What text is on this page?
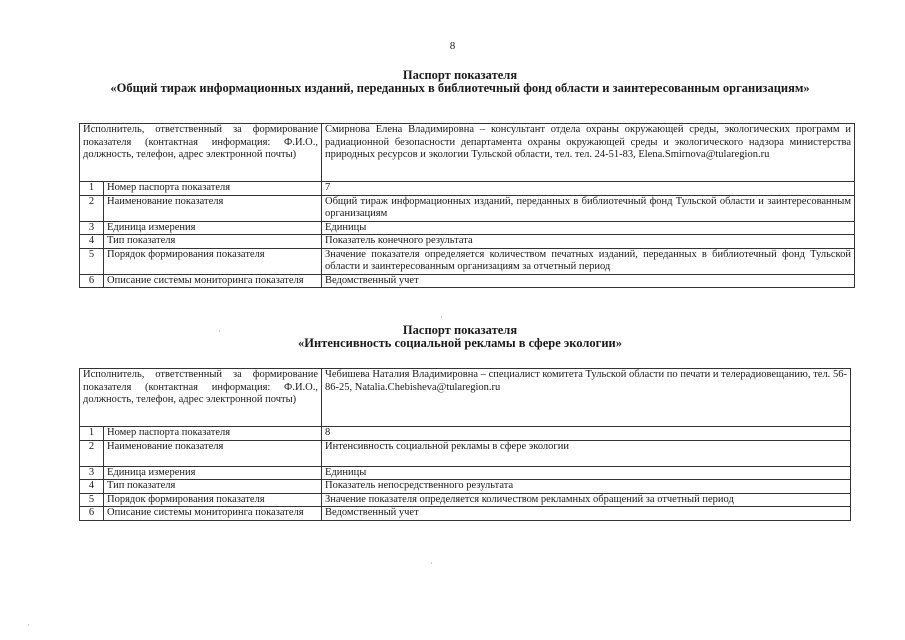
8
Паспорт показателя
«Общий тираж информационных изданий, переданных в библиотечный фонд области и заинтересованным организациям»
Исполнитель, ответственный за формирование показателя (контактная информация: Ф.И.О., должность, телефон, адрес электронной почты)		Смирнова Елена Владимировна – консультант отдела охраны окружающей среды, экологических программ и радиационной безопасности департамента охраны окружающей среды и экологического надзора министерства природных ресурсов и экологии Тульской области, тел. тел. 24-51-83, Elena.Smirnova@tularegion.ru
1	Номер паспорта показателя	7
2	Наименование показателя	Общий тираж информационных изданий, переданных в библиотечный фонд Тульской области и заинтересованным организациям
3	Единица измерения	Единицы
4	Тип показателя	Показатель конечного результата
5	Порядок формирования показателя	Значение показателя определяется количеством печатных изданий, переданных в библиотечный фонд Тульской области и заинтересованным организациям за отчетный период
6	Описание системы мониторинга показателя	Ведомственный учет
Паспорт показателя
«Интенсивность социальной рекламы в сфере экологии»
Исполнитель, ответственный за формирование показателя (контактная информация: Ф.И.О., должность, телефон, адрес электронной почты)		Чебишева Наталия Владимировна – специалист комитета Тульской области по печати и телерадиовещанию, тел. 56-86-25, Natalia.Chebisheva@tularegion.ru
1	Номер паспорта показателя	8
2	Наименование показателя	Интенсивность социальной рекламы в сфере экологии
3	Единица измерения	Единицы
4	Тип показателя	Показатель непосредственного результата
5	Порядок формирования показателя	Значение показателя определяется количеством рекламных обращений за отчетный период
6	Описание системы мониторинга показателя	Ведомственный учет
·
·
·
·
